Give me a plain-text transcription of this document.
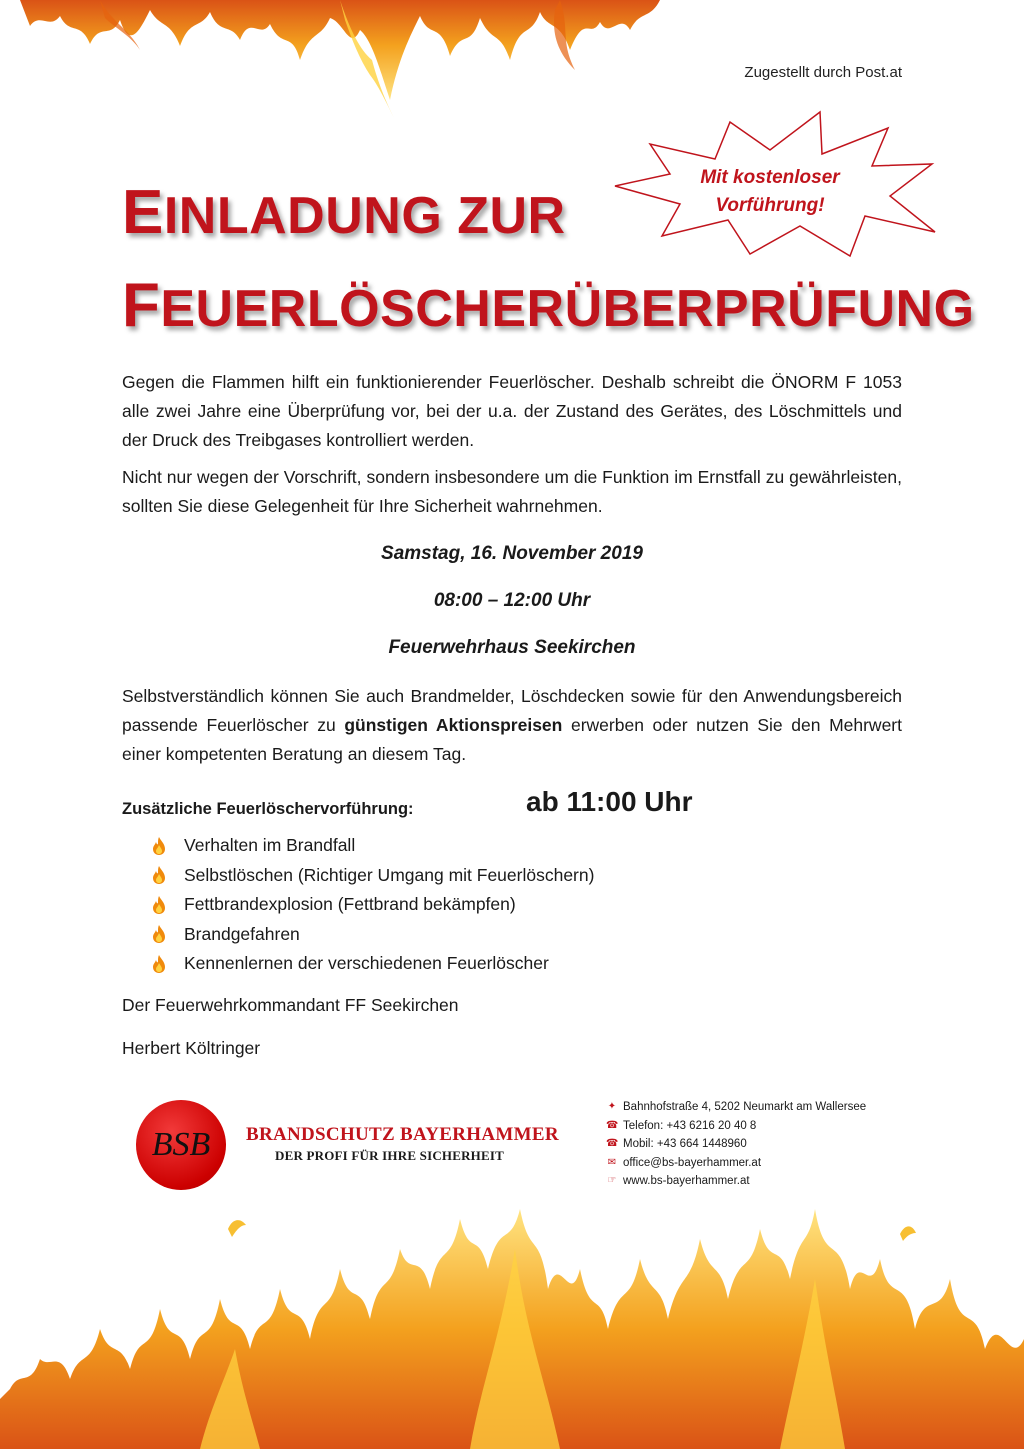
Zugestellt durch Post.at
EINLADUNG ZUR
FEUERLÖSCHERÜBERPRÜFUNG
Mit kostenloser
Vorführung!

Gegen die Flammen hilft ein funktionierender Feuerlöscher. Deshalb schreibt die ÖNORM F 1053 alle zwei Jahre eine Überprüfung vor, bei der u.a. der Zustand des Gerätes, des Löschmittels und der Druck des Treibgases kontrolliert werden.

Nicht nur wegen der Vorschrift, sondern insbesondere um die Funktion im Ernstfall zu gewährleisten, sollten Sie diese Gelegenheit für Ihre Sicherheit wahrnehmen.

Samstag, 16. November 2019

08:00 – 12:00 Uhr

Feuerwehrhaus Seekirchen

Selbstverständlich können Sie auch Brandmelder, Löschdecken sowie für den Anwendungsbereich passende Feuerlöscher zu günstigen Aktionspreisen erwerben oder nutzen Sie den Mehrwert einer kompetenten Beratung an diesem Tag.

Zusätzliche Feuerlöschervorführung:	ab 11:00 Uhr
Verhalten im Brandfall
Selbstlöschen (Richtiger Umgang mit Feuerlöschern)
Fettbrandexplosion (Fettbrand bekämpfen)
Brandgefahren
Kennenlernen der verschiedenen Feuerlöscher

Der Feuerwehrkommandant FF Seekirchen

Herbert Költringer

BSB BRANDSCHUTZ BAYERHAMMER
DER PROFI FÜR IHRE SICHERHEIT
✦ Bahnhofstraße 4, 5202 Neumarkt am Wallersee
☎ Telefon: +43 6216 20 40 8
☎ Mobil: +43 664 1448960
✉ office@bs-bayerhammer.at
☞ www.bs-bayerhammer.at
